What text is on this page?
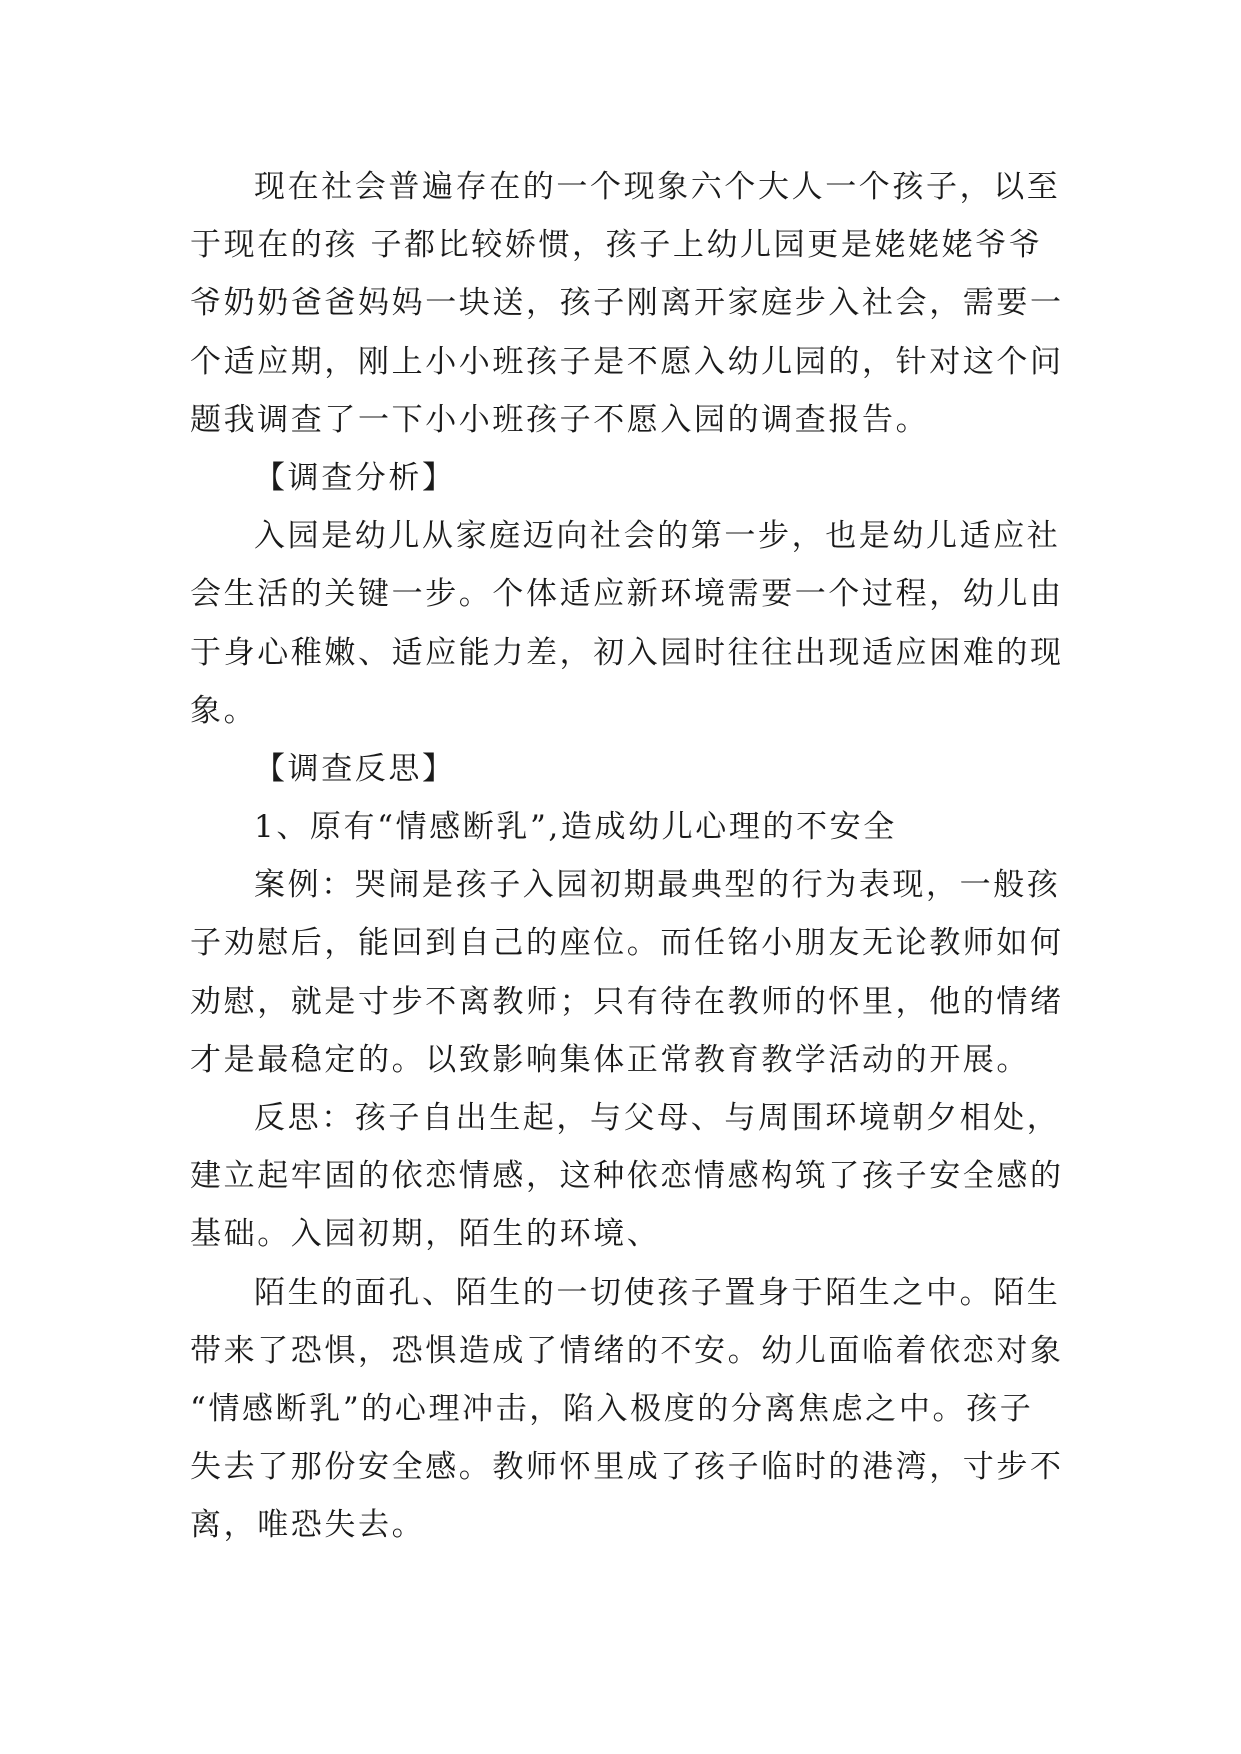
现在社会普遍存在的一个现象六个大人一个孩子，以至
于现在的孩 子都比较娇惯，孩子上幼儿园更是姥姥姥爷爷
爷奶奶爸爸妈妈一块送，孩子刚离开家庭步入社会，需要一
个适应期，刚上小小班孩子是不愿入幼儿园的，针对这个问
题我调查了一下小小班孩子不愿入园的调查报告。
【调查分析】
入园是幼儿从家庭迈向社会的第一步，也是幼儿适应社
会生活的关键一步。个体适应新环境需要一个过程，幼儿由
于身心稚嫩、适应能力差，初入园时往往出现适应困难的现
象。
【调查反思】
1、原有“情感断乳”,造成幼儿心理的不安全
案例：哭闹是孩子入园初期最典型的行为表现，一般孩
子劝慰后，能回到自己的座位。而任铭小朋友无论教师如何
劝慰，就是寸步不离教师；只有待在教师的怀里，他的情绪
才是最稳定的。以致影响集体正常教育教学活动的开展。
反思：孩子自出生起，与父母、与周围环境朝夕相处，
建立起牢固的依恋情感，这种依恋情感构筑了孩子安全感的
基础。入园初期，陌生的环境、
陌生的面孔、陌生的一切使孩子置身于陌生之中。陌生
带来了恐惧，恐惧造成了情绪的不安。幼儿面临着依恋对象
“情感断乳”的心理冲击，陷入极度的分离焦虑之中。孩子
失去了那份安全感。教师怀里成了孩子临时的港湾，寸步不
离，唯恐失去。
